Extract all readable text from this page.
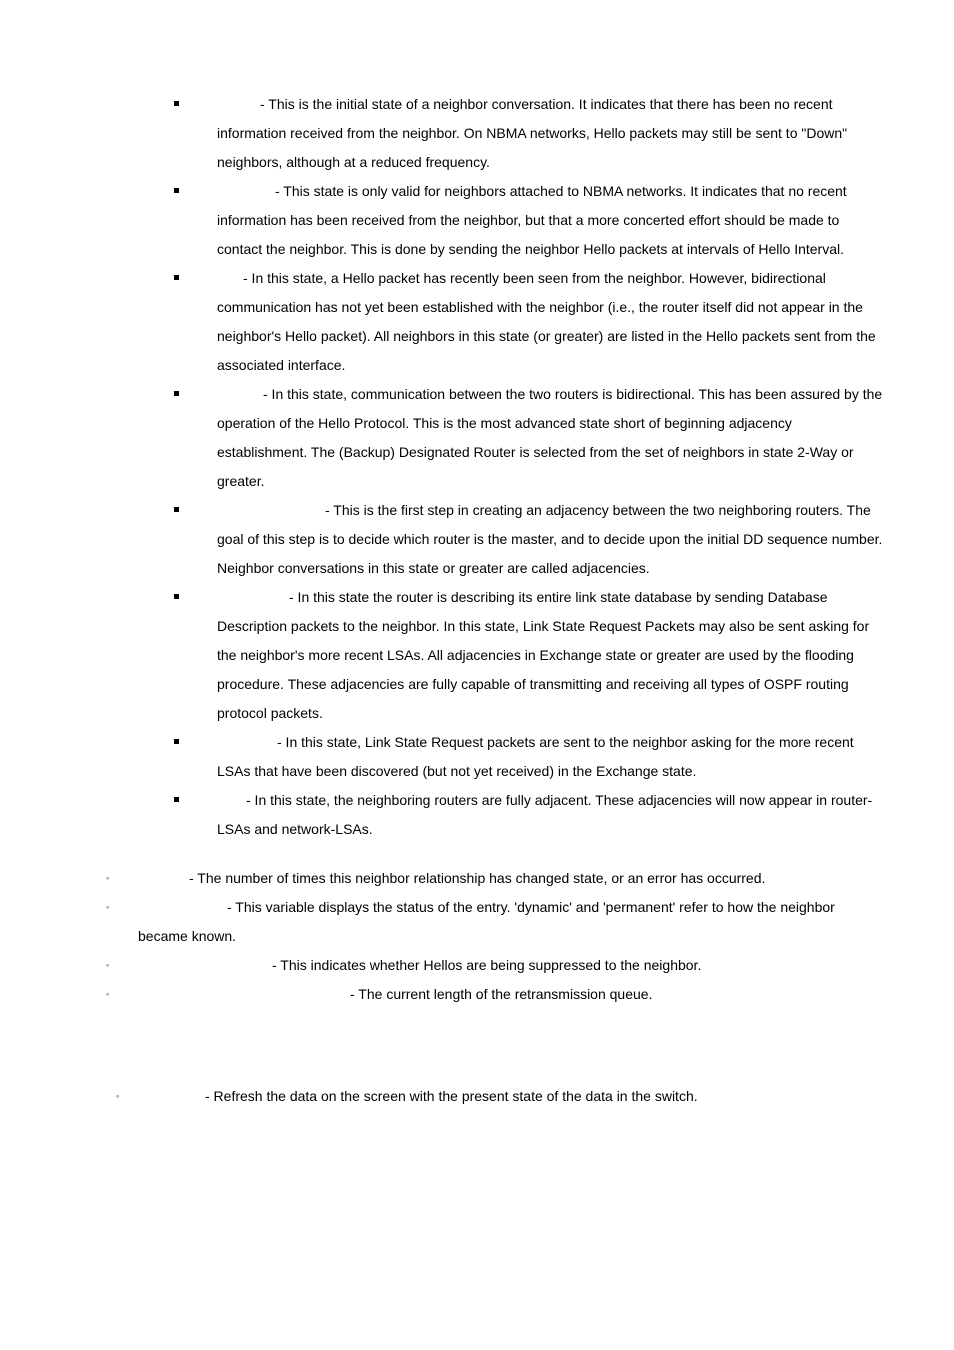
- This is the initial state of a neighbor conversation. It indicates that there has been no recent information received from the neighbor. On NBMA networks, Hello packets may still be sent to "Down" neighbors, although at a reduced frequency.
- This state is only valid for neighbors attached to NBMA networks. It indicates that no recent information has been received from the neighbor, but that a more concerted effort should be made to contact the neighbor. This is done by sending the neighbor Hello packets at intervals of Hello Interval.
- In this state, a Hello packet has recently been seen from the neighbor. However, bidirectional communication has not yet been established with the neighbor (i.e., the router itself did not appear in the neighbor's Hello packet). All neighbors in this state (or greater) are listed in the Hello packets sent from the associated interface.
- In this state, communication between the two routers is bidirectional. This has been assured by the operation of the Hello Protocol. This is the most advanced state short of beginning adjacency establishment. The (Backup) Designated Router is selected from the set of neighbors in state 2-Way or greater.
- This is the first step in creating an adjacency between the two neighboring routers. The goal of this step is to decide which router is the master, and to decide upon the initial DD sequence number. Neighbor conversations in this state or greater are called adjacencies.
- In this state the router is describing its entire link state database by sending Database Description packets to the neighbor. In this state, Link State Request Packets may also be sent asking for the neighbor's more recent LSAs. All adjacencies in Exchange state or greater are used by the flooding procedure. These adjacencies are fully capable of transmitting and receiving all types of OSPF routing protocol packets.
- In this state, Link State Request packets are sent to the neighbor asking for the more recent LSAs that have been discovered (but not yet received) in the Exchange state.
- In this state, the neighboring routers are fully adjacent. These adjacencies will now appear in router-LSAs and network-LSAs.
◦	- The number of times this neighbor relationship has changed state, or an error has occurred.
◦	- This variable displays the status of the entry. 'dynamic' and 'permanent' refer to how the neighbor became known.
◦	- This indicates whether Hellos are being suppressed to the neighbor.
◦	- The current length of the retransmission queue.
◦	- Refresh the data on the screen with the present state of the data in the switch.
